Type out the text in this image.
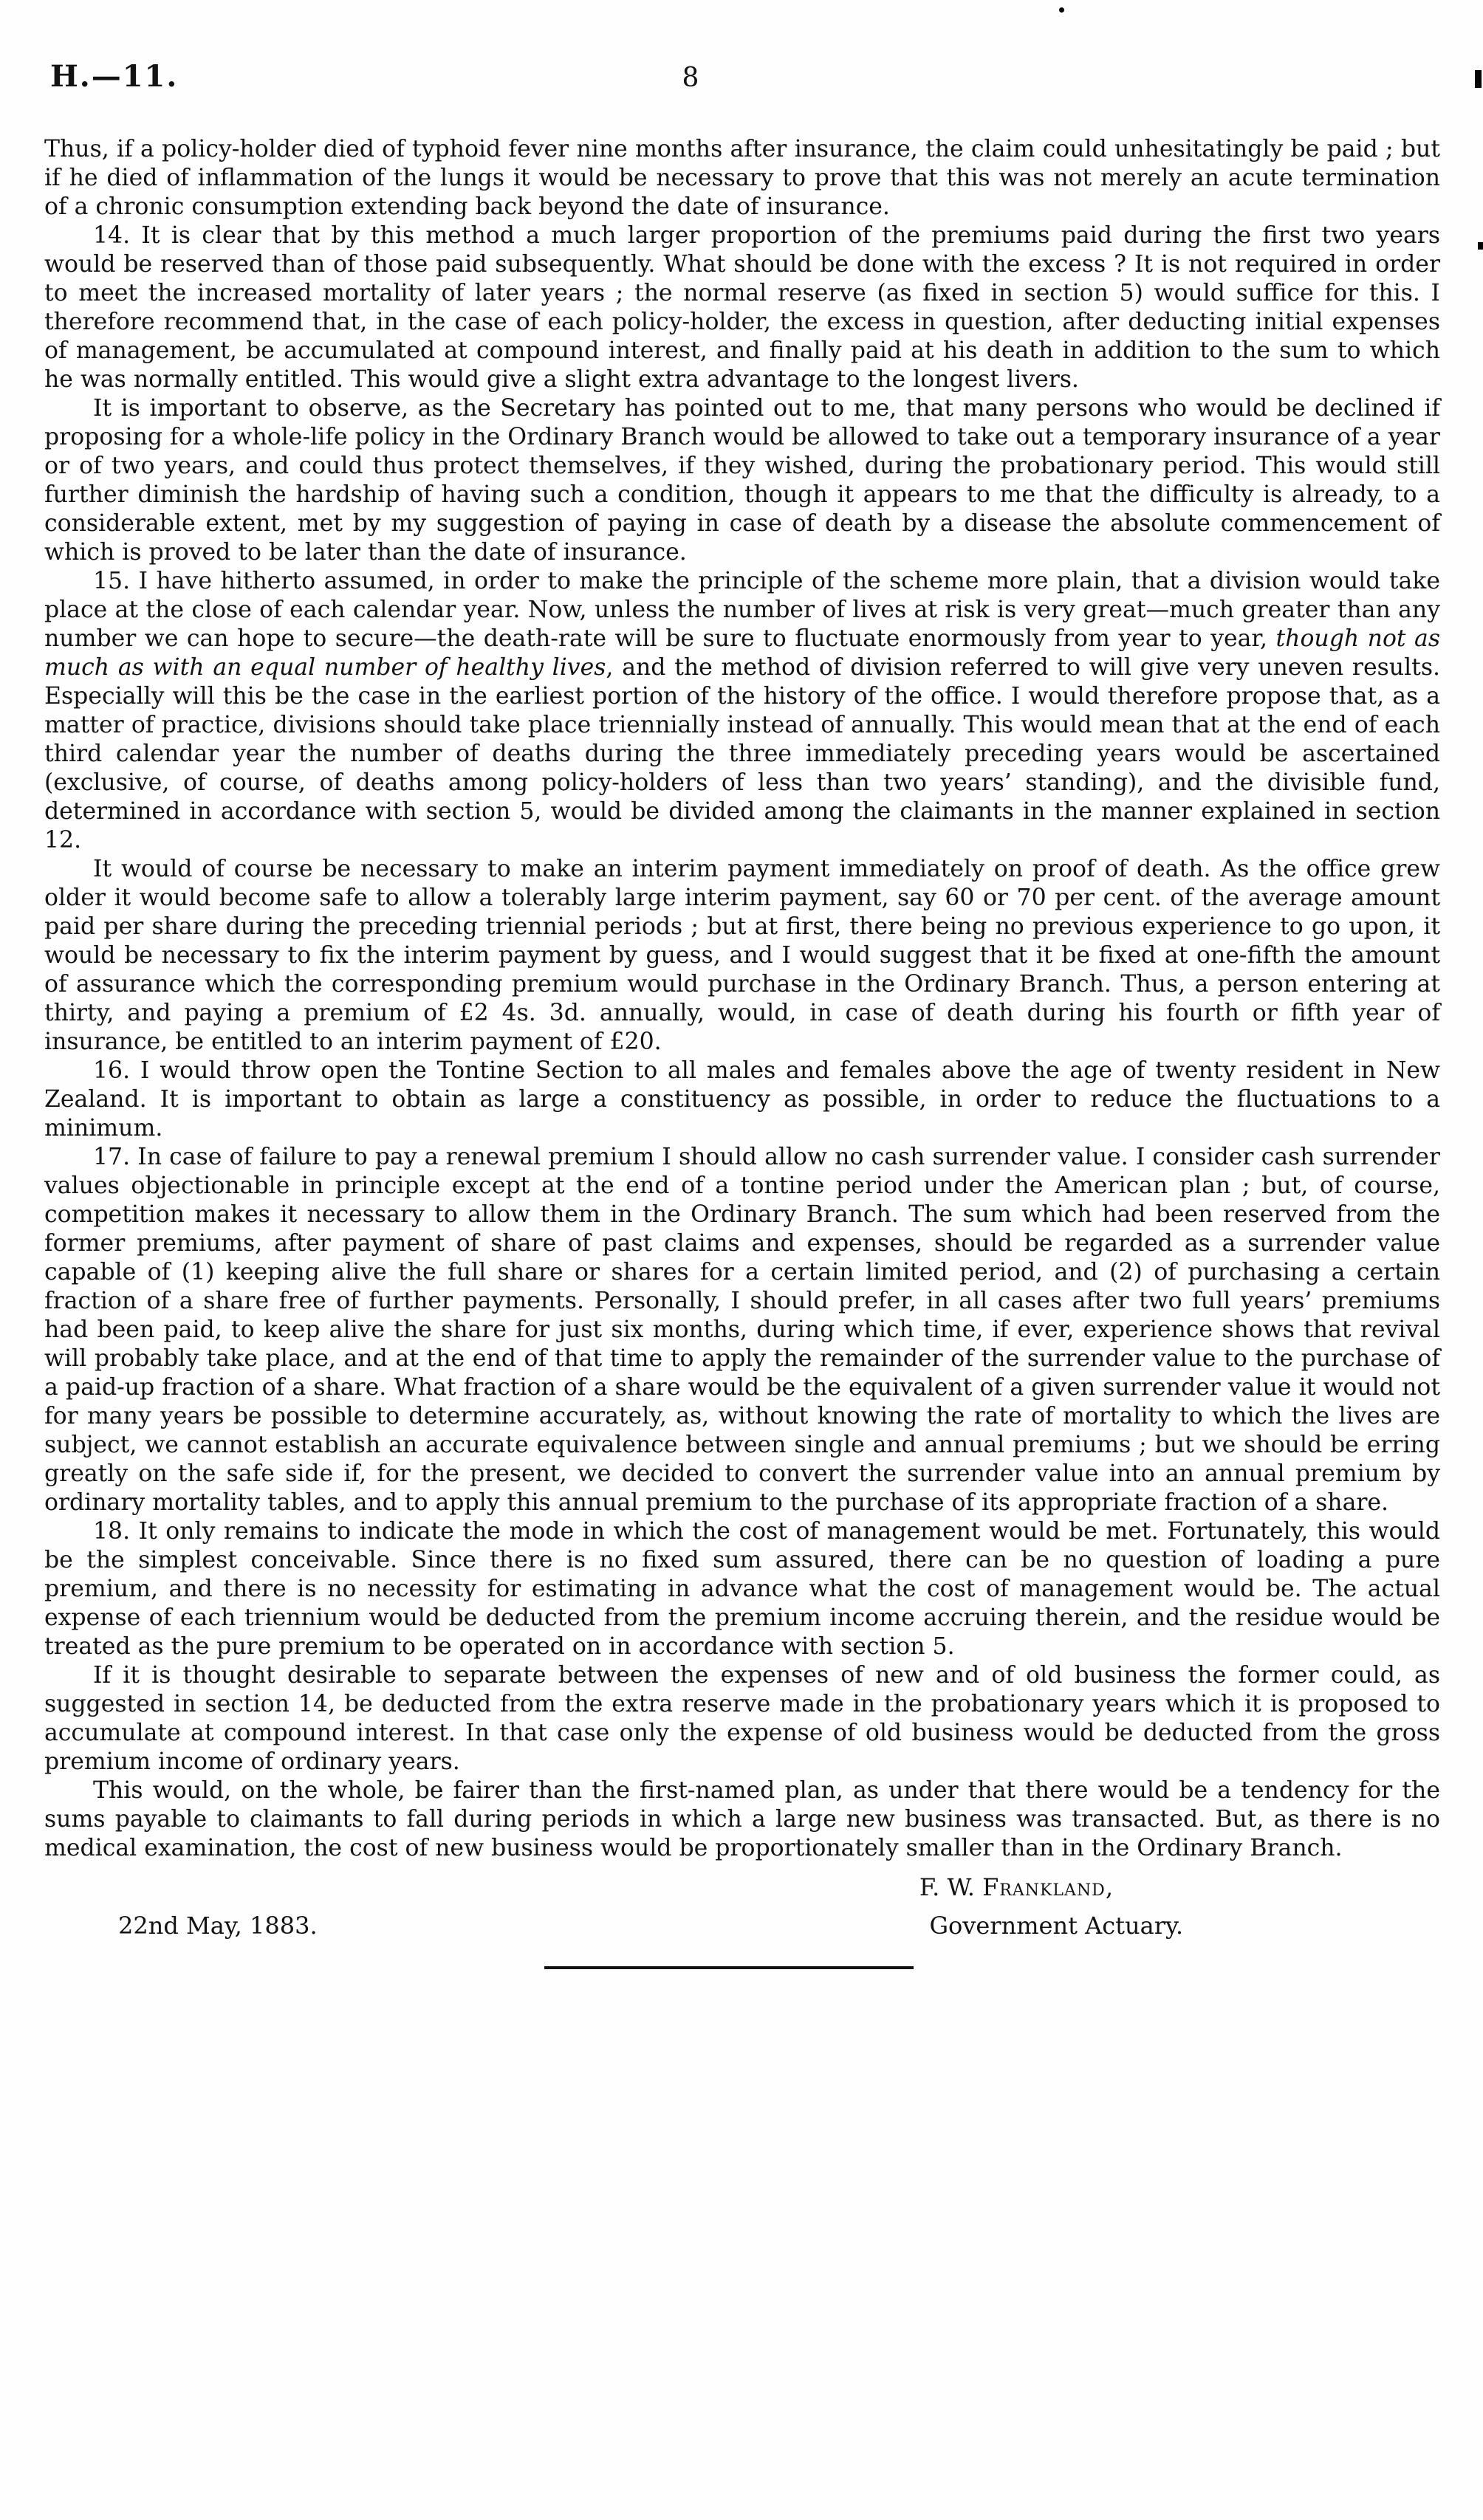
H.—11.	8

Thus, if a policy-holder died of typhoid fever nine months after insurance, the claim could unhesitatingly be paid ; but if he died of inflammation of the lungs it would be necessary to prove that this was not merely an acute termination of a chronic consumption extending back beyond the date of insurance.

14. It is clear that by this method a much larger proportion of the premiums paid during the first two years would be reserved than of those paid subsequently. What should be done with the excess ? It is not required in order to meet the increased mortality of later years ; the normal reserve (as fixed in section 5) would suffice for this. I therefore recommend that, in the case of each policy-holder, the excess in question, after deducting initial expenses of management, be accumulated at compound interest, and finally paid at his death in addition to the sum to which he was normally entitled. This would give a slight extra advantage to the longest livers.

It is important to observe, as the Secretary has pointed out to me, that many persons who would be declined if proposing for a whole-life policy in the Ordinary Branch would be allowed to take out a temporary insurance of a year or of two years, and could thus protect themselves, if they wished, during the probationary period. This would still further diminish the hardship of having such a condition, though it appears to me that the difficulty is already, to a considerable extent, met by my suggestion of paying in case of death by a disease the absolute commencement of which is proved to be later than the date of insurance.

15. I have hitherto assumed, in order to make the principle of the scheme more plain, that a division would take place at the close of each calendar year. Now, unless the number of lives at risk is very great—much greater than any number we can hope to secure—the death-rate will be sure to fluctuate enormously from year to year, though not as much as with an equal number of healthy lives, and the method of division referred to will give very uneven results. Especially will this be the case in the earliest portion of the history of the office. I would therefore propose that, as a matter of practice, divisions should take place triennially instead of annually. This would mean that at the end of each third calendar year the number of deaths during the three immediately preceding years would be ascertained (exclusive, of course, of deaths among policy-holders of less than two years’ standing), and the divisible fund, determined in accordance with section 5, would be divided among the claimants in the manner explained in section 12.

It would of course be necessary to make an interim payment immediately on proof of death. As the office grew older it would become safe to allow a tolerably large interim payment, say 60 or 70 per cent. of the average amount paid per share during the preceding triennial periods ; but at first, there being no previous experience to go upon, it would be necessary to fix the interim payment by guess, and I would suggest that it be fixed at one-fifth the amount of assurance which the corresponding premium would purchase in the Ordinary Branch. Thus, a person entering at thirty, and paying a premium of £2 4s. 3d. annually, would, in case of death during his fourth or fifth year of insurance, be entitled to an interim payment of £20.

16. I would throw open the Tontine Section to all males and females above the age of twenty resident in New Zealand. It is important to obtain as large a constituency as possible, in order to reduce the fluctuations to a minimum.

17. In case of failure to pay a renewal premium I should allow no cash surrender value. I consider cash surrender values objectionable in principle except at the end of a tontine period under the American plan ; but, of course, competition makes it necessary to allow them in the Ordinary Branch. The sum which had been reserved from the former premiums, after payment of share of past claims and expenses, should be regarded as a surrender value capable of (1) keeping alive the full share or shares for a certain limited period, and (2) of purchasing a certain fraction of a share free of further payments. Personally, I should prefer, in all cases after two full years’ premiums had been paid, to keep alive the share for just six months, during which time, if ever, experience shows that revival will probably take place, and at the end of that time to apply the remainder of the surrender value to the purchase of a paid-up fraction of a share. What fraction of a share would be the equivalent of a given surrender value it would not for many years be possible to determine accurately, as, without knowing the rate of mortality to which the lives are subject, we cannot establish an accurate equivalence between single and annual premiums ; but we should be erring greatly on the safe side if, for the present, we decided to convert the surrender value into an annual premium by ordinary mortality tables, and to apply this annual premium to the purchase of its appropriate fraction of a share.

18. It only remains to indicate the mode in which the cost of management would be met. Fortunately, this would be the simplest conceivable. Since there is no fixed sum assured, there can be no question of loading a pure premium, and there is no necessity for estimating in advance what the cost of management would be. The actual expense of each triennium would be deducted from the premium income accruing therein, and the residue would be treated as the pure premium to be operated on in accordance with section 5.

If it is thought desirable to separate between the expenses of new and of old business the former could, as suggested in section 14, be deducted from the extra reserve made in the probationary years which it is proposed to accumulate at compound interest. In that case only the expense of old business would be deducted from the gross premium income of ordinary years.

This would, on the whole, be fairer than the first-named plan, as under that there would be a tendency for the sums payable to claimants to fall during periods in which a large new business was transacted. But, as there is no medical examination, the cost of new business would be proportionately smaller than in the Ordinary Branch.

F. W. Frankland,
22nd May, 1883.	Government Actuary.
